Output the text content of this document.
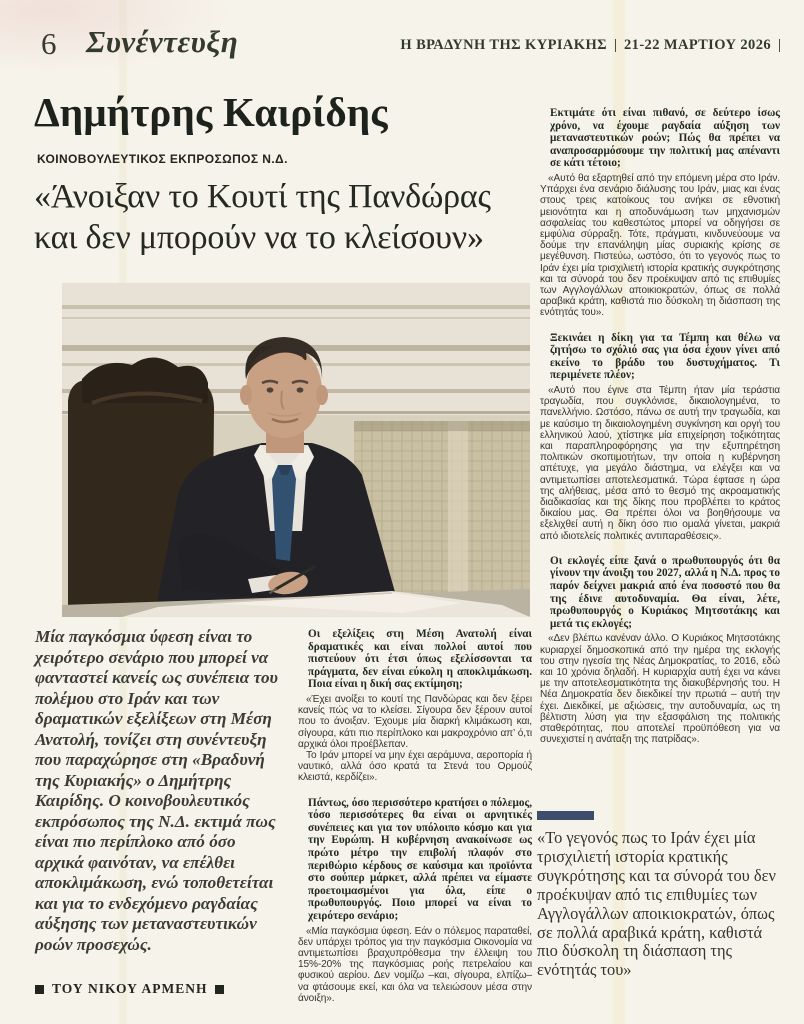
6 Συνέντευξη	Η ΒΡΑΔΥΝΗ ΤΗΣ ΚΥΡΙΑΚΗΣ 21-22 ΜΑΡΤΙΟΥ 2026
Δημήτρης Καιρίδης
ΚΟΙΝΟΒΟΥΛΕΥΤΙΚΟΣ ΕΚΠΡΟΣΩΠΟΣ Ν.Δ.
«Άνοιξαν το Κουτί της Πανδώρας
και δεν μπορούν να το κλείσουν»
Μία παγκόσμια ύφεση είναι το χειρότερο σενάριο που μπορεί να φανταστεί κανείς ως συνέπεια του πολέμου στο Ιράν και των δραματικών εξελίξεων στη Μέση Ανατολή, τονίζει στη συνέντευξη που παραχώρησε στη «Βραδυνή της Κυριακής» ο Δημήτρης Καιρίδης. Ο κοινοβουλευτικός εκπρόσωπος της Ν.Δ. εκτιμά πως είναι πιο περίπλοκο από όσο αρχικά φαινόταν, να επέλθει αποκλιμάκωση, ενώ τοποθετείται και για το ενδεχόμενο ραγδαίας αύξησης των μεταναστευτικών ροών προσεχώς.
ΤΟΥ ΝΙΚΟΥ ΑΡΜΕΝΗ

Οι εξελίξεις στη Μέση Ανατολή είναι δραματικές και είναι πολλοί αυτοί που πιστεύουν ότι έτσι όπως εξελίσσονται τα πράγματα, δεν είναι εύκολη η αποκλιμάκωση. Ποια είναι η δική σας εκτίμηση;

«Έχει ανοίξει το κουτί της Πανδώρας και δεν ξέρει κανείς πώς να το κλείσει. Σίγουρα δεν ξέρουν αυτοί που το άνοιξαν. Έχουμε μία διαρκή κλιμάκωση και, σίγουρα, κάτι πιο περίπλοκο και μακροχρόνιο απ’ ό,τι αρχικά όλοι προέβλεπαν.

Το Ιράν μπορεί να μην έχει αεράμυνα, αεροπορία ή ναυτικό, αλλά όσο κρατά τα Στενά του Ορμούζ κλειστά, κερδίζει».

Πάντως, όσο περισσότερο κρατήσει ο πόλεμος, τόσο περισσότερες θα είναι οι αρνητικές συνέπειες και για τον υπόλοιπο κόσμο και για την Ευρώπη. Η κυβέρνηση ανακοίνωσε ως πρώτο μέτρο την επιβολή πλαφόν στο περιθώριο κέρδους σε καύσιμα και προϊόντα στο σούπερ μάρκετ, αλλά πρέπει να είμαστε προετοιμασμένοι για όλα, είπε ο πρωθυπουργός. Ποιο μπορεί να είναι το χειρότερο σενάριο;

«Μία παγκόσμια ύφεση. Εάν ο πόλεμος παραταθεί, δεν υπάρχει τρόπος για την παγκόσμια Οικονομία να αντιμετωπίσει βραχυπρόθεσμα την έλλειψη του 15%-20% της παγκόσμιας ροής πετρελαίου και φυσικού αερίου. Δεν νομίζω –και, σίγουρα, ελπίζω– να φτάσουμε εκεί, και όλα να τελειώσουν μέσα στην άνοιξη».

Εκτιμάτε ότι είναι πιθανό, σε δεύτερο ίσως χρόνο, να έχουμε ραγδαία αύξηση των μεταναστευτικών ροών; Πώς θα πρέπει να αναπροσαρμόσουμε την πολιτική μας απέναντι σε κάτι τέτοιο;

«Αυτό θα εξαρτηθεί από την επόμενη μέρα στο Ιράν. Υπάρχει ένα σενάριο διάλυσης του Ιράν, μιας και ένας στους τρεις κατοίκους του ανήκει σε εθνοτική μειονότητα και η αποδυνάμωση των μηχανισμών ασφαλείας του καθεστώτος μπορεί να οδηγήσει σε εμφύλια σύρραξη. Τότε, πράγματι, κινδυνεύουμε να δούμε την επανάληψη μίας συριακής κρίσης σε μεγέθυνση. Πιστεύω, ωστόσο, ότι το γεγονός πως το Ιράν έχει μία τρισχιλιετή ιστορία κρατικής συγκρότησης και τα σύνορά του δεν προέκυψαν από τις επιθυμίες των Αγγλογάλλων αποικιοκρατών, όπως σε πολλά αραβικά κράτη, καθιστά πιο δύσκολη τη διάσπαση της ενότητάς του».

Ξεκινάει η δίκη για τα Τέμπη και θέλω να ζητήσω το σχόλιό σας για όσα έχουν γίνει από εκείνο το βράδυ του δυστυχήματος. Τι περιμένετε πλέον;

«Αυτό που έγινε στα Τέμπη ήταν μία τεράστια τραγωδία, που συγκλόνισε, δικαιολογημένα, το πανελλήνιο. Ωστόσο, πάνω σε αυτή την τραγωδία, και με καύσιμο τη δικαιολογημένη συγκίνηση και οργή του ελληνικού λαού, χτίστηκε μία επιχείρηση τοξικότητας και παραπληροφόρησης για την εξυπηρέτηση πολιτικών σκοπιμοτήτων, την οποία η κυβέρνηση απέτυχε, για μεγάλο διάστημα, να ελέγξει και να αντιμετωπίσει αποτελεσματικά. Τώρα έφτασε η ώρα της αλήθειας, μέσα από το θεσμό της ακροαματικής διαδικασίας και της δίκης που προβλέπει το κράτος δικαίου μας. Θα πρέπει όλοι να βοηθήσουμε να εξελιχθεί αυτή η δίκη όσο πιο ομαλά γίνεται, μακριά από ιδιοτελείς πολιτικές αντιπαραθέσεις».

Οι εκλογές είπε ξανά ο πρωθυπουργός ότι θα γίνουν την άνοιξη του 2027, αλλά η Ν.Δ. προς το παρόν δείχνει μακριά από ένα ποσοστό που θα της έδινε αυτοδυναμία. Θα είναι, λέτε, πρωθυπουργός ο Κυριάκος Μητσοτάκης και μετά τις εκλογές;

«Δεν βλέπω κανέναν άλλο. Ο Κυριάκος Μητσοτάκης κυριαρχεί δημοσκοπικά από την ημέρα της εκλογής του στην ηγεσία της Νέας Δημοκρατίας, το 2016, εδώ και 10 χρόνια δηλαδή. Η κυριαρχία αυτή έχει να κάνει με την αποτελεσματικότητα της διακυβέρνησής του. Η Νέα Δημοκρατία δεν διεκδικεί την πρωτιά – αυτή την έχει. Διεκδικεί, με αξιώσεις, την αυτοδυναμία, ως τη βέλτιστη λύση για την εξασφάλιση της πολιτικής σταθερότητας, που αποτελεί προϋπόθεση για να συνεχιστεί η ανάταξη της πατρίδας».

«Το γεγονός πως το Ιράν έχει μία τρισχιλιετή ιστορία κρατικής συγκρότησης και τα σύνορά του δεν προέκυψαν από τις επιθυμίες των Αγγλογάλλων αποικιοκρατών, όπως σε πολλά αραβικά κράτη, καθιστά πιο δύσκολη τη διάσπαση της ενότητάς του»
